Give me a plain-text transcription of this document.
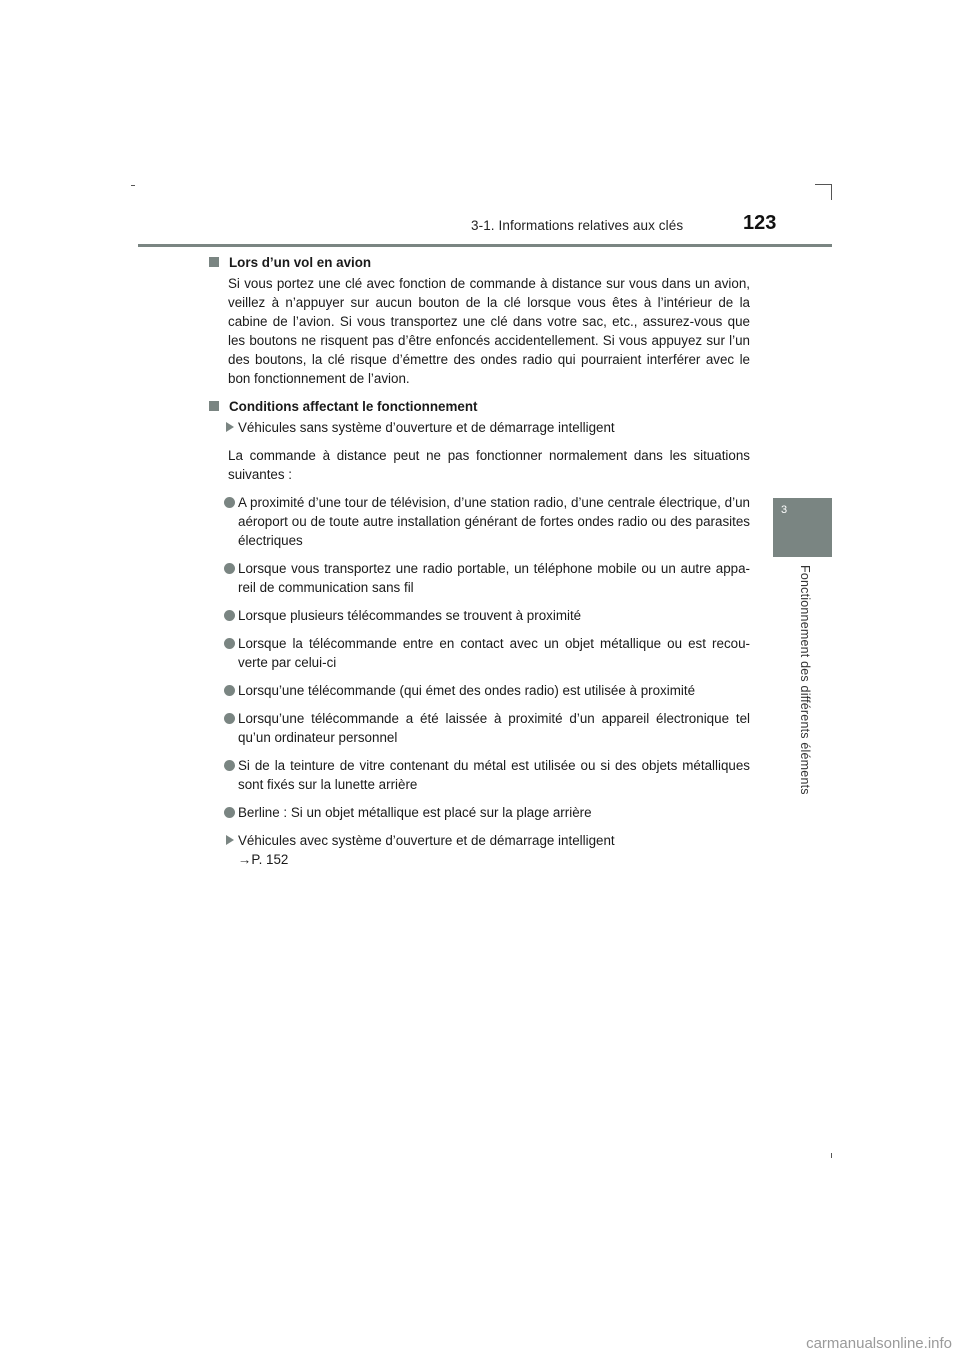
3-1. Informations relatives aux clés	123
3
Fonctionnement des différents éléments
Lors d’un vol en avion
Si vous portez une clé avec fonction de commande à distance sur vous dans un avion, veillez à n’appuyer sur aucun bouton de la clé lorsque vous êtes à l’intérieur de la cabine de l’avion. Si vous transportez une clé dans votre sac, etc., assurez-vous que les boutons ne risquent pas d’être enfoncés accidentellement. Si vous appuyez sur l’un des boutons, la clé risque d’émettre des ondes radio qui pourraient interférer avec le bon fonctionnement de l’avion.
Conditions affectant le fonctionnement
Véhicules sans système d’ouverture et de démarrage intelligent
La commande à distance peut ne pas fonctionner normalement dans les situations suivantes :
A proximité d’une tour de télévision, d’une station radio, d’une centrale électrique, d’un aéroport ou de toute autre installation générant de fortes ondes radio ou des parasites électriques
Lorsque vous transportez une radio portable, un téléphone mobile ou un autre appa-reil de communication sans fil
Lorsque plusieurs télécommandes se trouvent à proximité
Lorsque la télécommande entre en contact avec un objet métallique ou est recou-verte par celui-ci
Lorsqu’une télécommande (qui émet des ondes radio) est utilisée à proximité
Lorsqu’une télécommande a été laissée à proximité d’un appareil électronique tel qu’un ordinateur personnel
Si de la teinture de vitre contenant du métal est utilisée ou si des objets métalliques sont fixés sur la lunette arrière
Berline : Si un objet métallique est placé sur la plage arrière
Véhicules avec système d’ouverture et de démarrage intelligent
→P. 152
carmanualsonline.info
